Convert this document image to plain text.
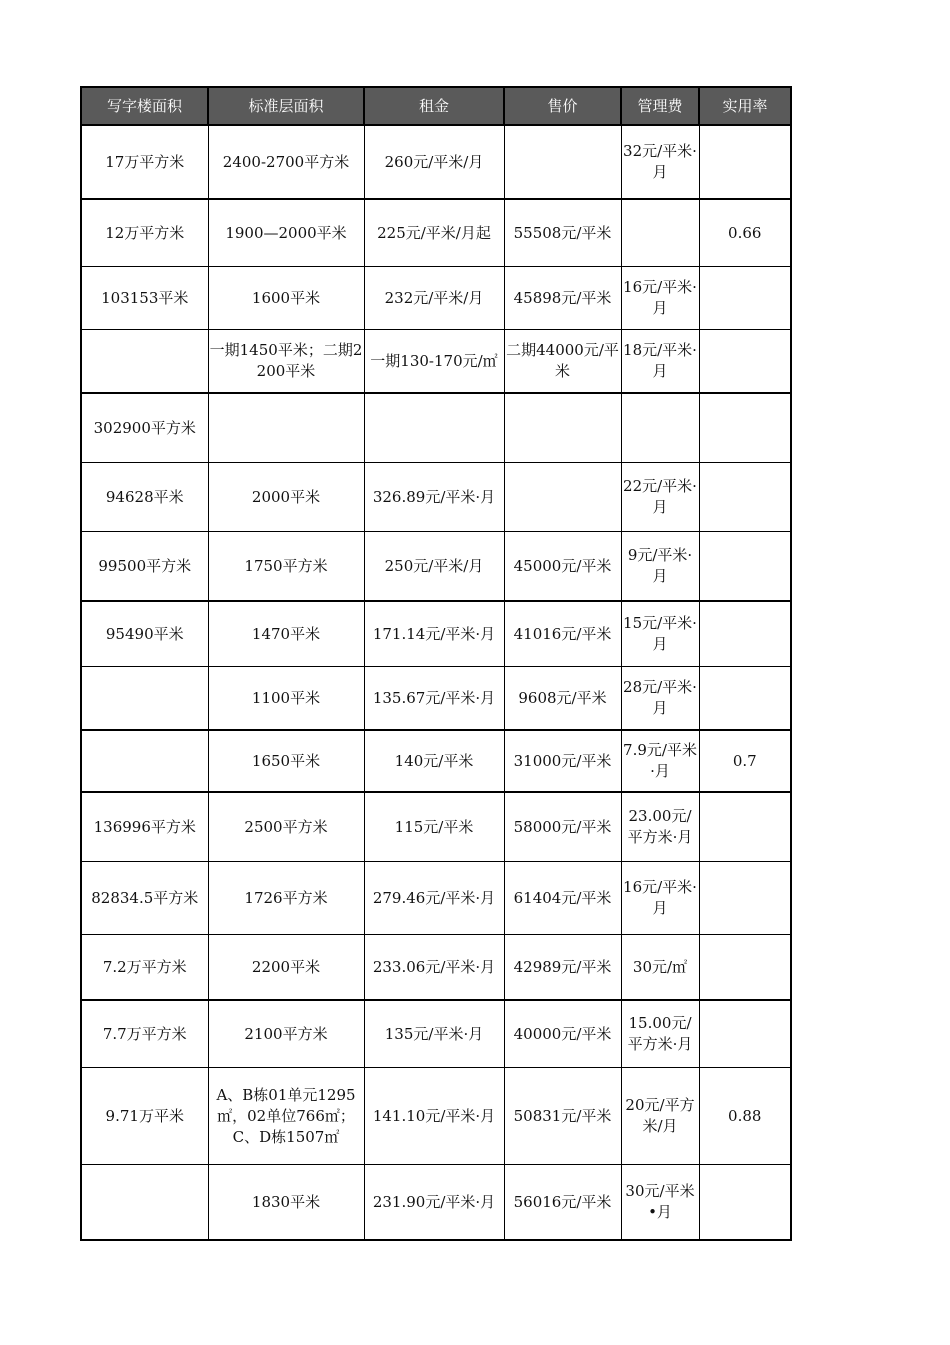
写字楼面积	标准层面积	租金	售价	管理费	实用率
17万平方米	2400-2700平方米	260元/平米/月		32元/平米·月	
12万平方米	1900—2000平米	225元/平米/月起	55508元/平米		0.66
103153平米	1600平米	232元/平米/月	45898元/平米	16元/平米·月	
	一期1450平米；二期2200平米	一期130-170元/㎡	二期44000元/平米	18元/平米·月	
302900平方米					
94628平米	2000平米	326.89元/平米·月		22元/平米·月	
99500平方米	1750平方米	250元/平米/月	45000元/平米	9元/平米·月	
95490平米	1470平米	171.14元/平米·月	41016元/平米	15元/平米·月	
	1100平米	135.67元/平米·月	9608元/平米	28元/平米·月	
	1650平米	140元/平米	31000元/平米	7.9元/平米·月	0.7
136996平方米	2500平方米	115元/平米	58000元/平米	23.00元/平方米·月	
82834.5平方米	1726平方米	279.46元/平米·月	61404元/平米	16元/平米·月	
7.2万平方米	2200平米	233.06元/平米·月	42989元/平米	30元/㎡	
7.7万平方米	2100平方米	135元/平米·月	40000元/平米	15.00元/平方米·月	
9.71万平米	A、B栋01单元1295㎡，02单位766㎡；C、D栋1507㎡	141.10元/平米·月	50831元/平米	20元/平方米/月	0.88
	1830平米	231.90元/平米·月	56016元/平米	30元/平米•月	
